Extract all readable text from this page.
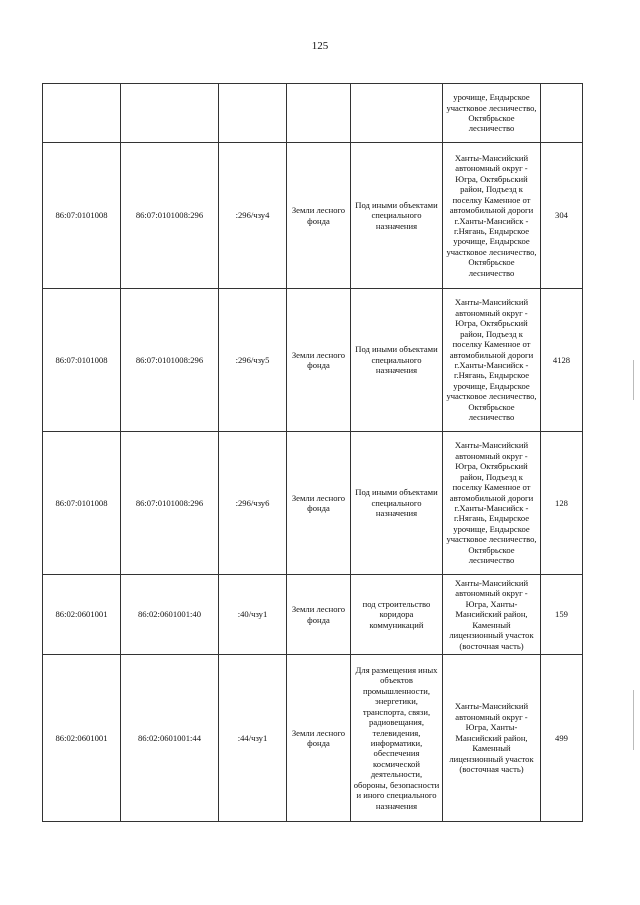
125
					урочище, Ендырское участковое лесничество, Октябрьское лесничество	
86:07:0101008	86:07:0101008:296	:296/чзу4	Земли лесного фонда	Под иными объектами специального назначения	Ханты-Мансийский автономный округ - Югра, Октябрьский район, Подъезд к поселку Каменное от автомобильной дороги г.Ханты-Мансийск - г.Нягань, Ендырское урочище, Ендырское участковое лесничество, Октябрьское лесничество	304
86:07:0101008	86:07:0101008:296	:296/чзу5	Земли лесного фонда	Под иными объектами специального назначения	Ханты-Мансийский автономный округ - Югра, Октябрьский район, Подъезд к поселку Каменное от автомобильной дороги г.Ханты-Мансийск - г.Нягань, Ендырское урочище, Ендырское участковое лесничество, Октябрьское лесничество	4128
86:07:0101008	86:07:0101008:296	:296/чзу6	Земли лесного фонда	Под иными объектами специального назначения	Ханты-Мансийский автономный округ - Югра, Октябрьский район, Подъезд к поселку Каменное от автомобильной дороги г.Ханты-Мансийск - г.Нягань, Ендырское урочище, Ендырское участковое лесничество, Октябрьское лесничество	128
86:02:0601001	86:02:0601001:40	:40/чзу1	Земли лесного фонда	под строительство коридора коммуникаций	Ханты-Мансийский автономный округ - Югра, Ханты-Мансийский район, Каменный лицензионный участок (восточная часть)	159
86:02:0601001	86:02:0601001:44	:44/чзу1	Земли лесного фонда	Для размещения иных объектов промышленности, энергетики, транспорта, связи, радиовещания, телевидения, информатики, обеспечения космической деятельности, обороны, безопасности и иного специального назначения	Ханты-Мансийский автономный округ - Югра, Ханты-Мансийский район, Каменный лицензионный участок (восточная часть)	499
